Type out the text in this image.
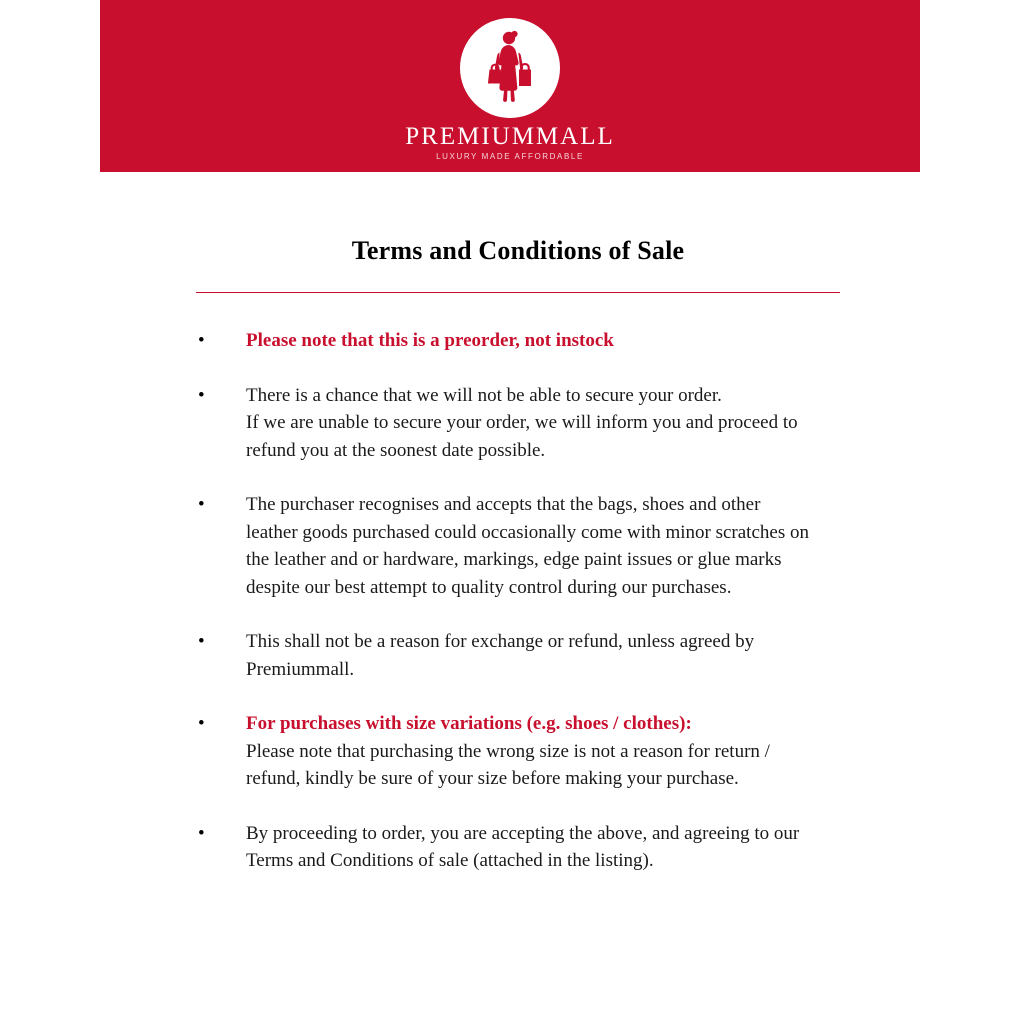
PREMIUMMALL
LUXURY MADE AFFORDABLE
Terms and Conditions of Sale
•	Please note that this is a preorder, not instock
•	There is a chance that we will not be able to secure your order.
If we are unable to secure your order, we will inform you and proceed to
refund you at the soonest date possible.
•	The purchaser recognises and accepts that the bags, shoes and other
leather goods purchased could occasionally come with minor scratches on
the leather and or hardware, markings, edge paint issues or glue marks
despite our best attempt to quality control during our purchases.
•	This shall not be a reason for exchange or refund, unless agreed by
Premiummall.
•	For purchases with size variations (e.g. shoes / clothes):
Please note that purchasing the wrong size is not a reason for return /
refund, kindly be sure of your size before making your purchase.
•	By proceeding to order, you are accepting the above, and agreeing to our
Terms and Conditions of sale (attached in the listing).
